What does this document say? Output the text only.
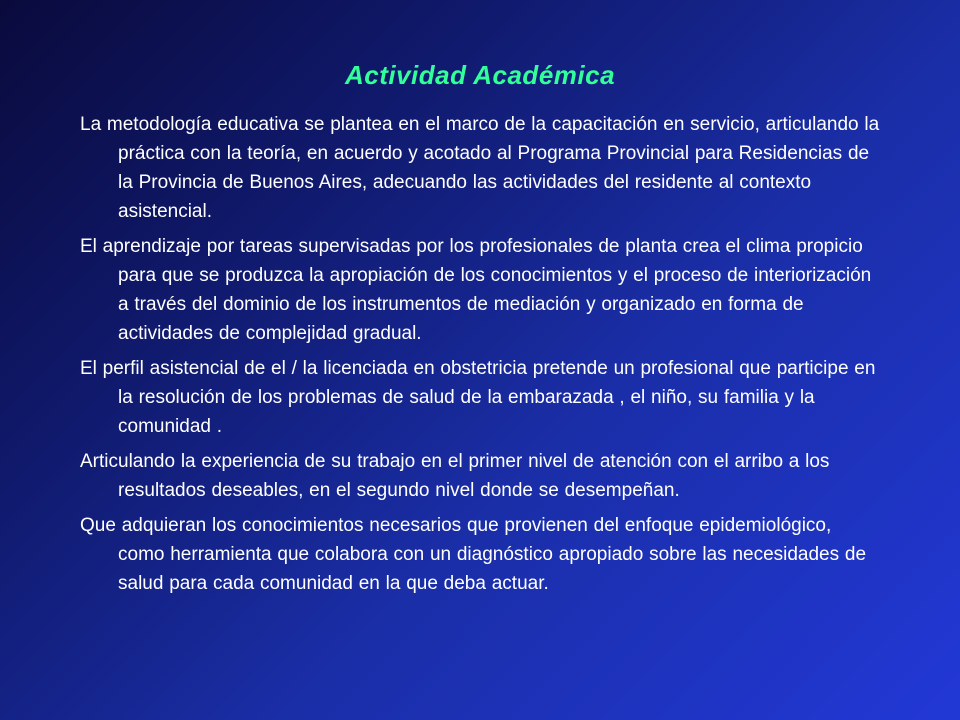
Actividad Académica

La metodología educativa se plantea en el marco de la capacitación en servicio, articulando la práctica con la teoría, en acuerdo y acotado al Programa Provincial para Residencias de la Provincia de Buenos Aires, adecuando las actividades del residente al contexto asistencial.

El aprendizaje por tareas supervisadas por los profesionales de planta crea el clima propicio para que se produzca la apropiación de los conocimientos y el proceso de interiorización a través del dominio de los instrumentos de mediación y organizado en forma de actividades de complejidad gradual.

El perfil asistencial de el / la licenciada en obstetricia pretende un profesional que participe en la resolución de los problemas de salud de la embarazada , el niño, su familia y la comunidad .

Articulando la experiencia de su trabajo en el primer nivel de atención con el arribo a los resultados deseables, en el segundo nivel donde se desempeñan.

Que adquieran los conocimientos necesarios que provienen del enfoque epidemiológico, como herramienta que colabora con un diagnóstico apropiado sobre las necesidades de salud para cada comunidad en la que deba actuar.
